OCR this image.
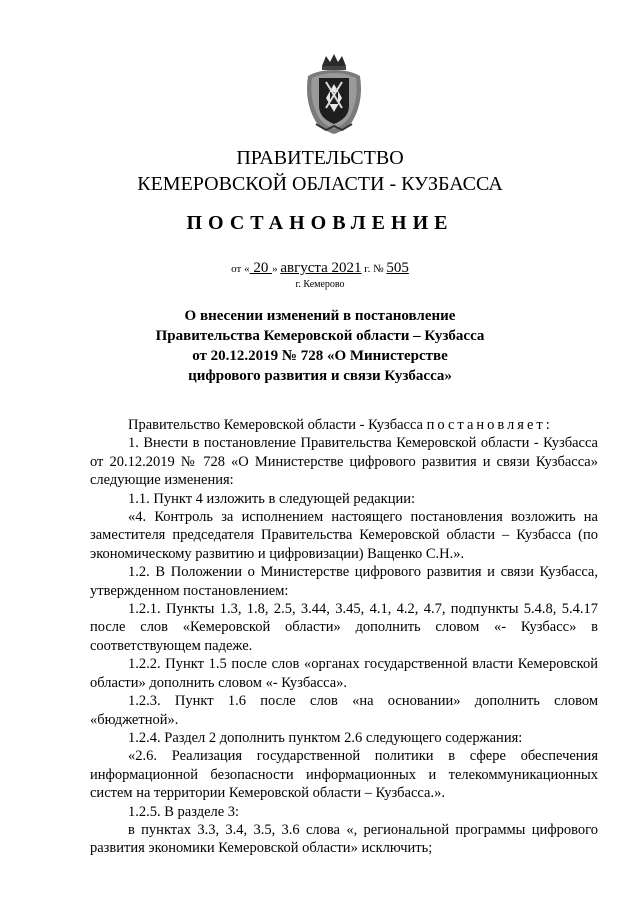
ПРАВИТЕЛЬСТВО
КЕМЕРОВСКОЙ ОБЛАСТИ - КУЗБАССА
ПОСТАНОВЛЕНИЕ
от « 20 » августа 2021 г. № 505
г. Кемерово
О внесении изменений в постановление
Правительства Кемеровской области – Кузбасса
от 20.12.2019 № 728 «О Министерстве
цифрового развития и связи Кузбасса»

Правительство Кемеровской области - Кузбасса постановляет:

1. Внести в постановление Правительства Кемеровской области - Кузбасса от 20.12.2019 № 728 «О Министерстве цифрового развития и связи Кузбасса» следующие изменения:

1.1. Пункт 4 изложить в следующей редакции:

«4. Контроль за исполнением настоящего постановления возложить на заместителя председателя Правительства Кемеровской области – Кузбасса (по экономическому развитию и цифровизации) Ващенко С.Н.».

1.2. В Положении о Министерстве цифрового развития и связи Кузбасса, утвержденном постановлением:

1.2.1. Пункты 1.3, 1.8, 2.5, 3.44, 3.45, 4.1, 4.2, 4.7, подпункты 5.4.8, 5.4.17 после слов «Кемеровской области» дополнить словом «- Кузбасс» в соответствующем падеже.

1.2.2. Пункт 1.5 после слов «органах государственной власти Кемеровской области» дополнить словом «- Кузбасса».

1.2.3. Пункт 1.6 после слов «на основании» дополнить словом «бюджетной».

1.2.4. Раздел 2 дополнить пунктом 2.6 следующего содержания:

«2.6. Реализация государственной политики в сфере обеспечения информационной безопасности информационных и телекоммуникационных систем на территории Кемеровской области – Кузбасса.».

1.2.5. В разделе 3:

в пунктах 3.3, 3.4, 3.5, 3.6 слова «, региональной программы цифрового развития экономики Кемеровской области» исключить;
